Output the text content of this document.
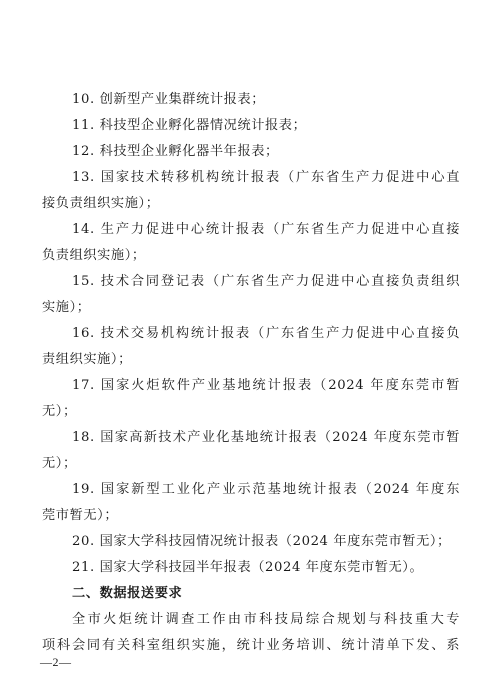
10. 创新型产业集群统计报表；
11. 科技型企业孵化器情况统计报表；
12. 科技型企业孵化器半年报表；
13. 国家技术转移机构统计报表（广东省生产力促进中心直
接负责组织实施）；
14. 生产力促进中心统计报表（广东省生产力促进中心直接
负责组织实施）；
15. 技术合同登记表（广东省生产力促进中心直接负责组织
实施）；
16. 技术交易机构统计报表（广东省生产力促进中心直接负
责组织实施）；
17. 国家火炬软件产业基地统计报表（2024 年度东莞市暂
无）；
18. 国家高新技术产业化基地统计报表（2024 年度东莞市暂
无）；
19. 国家新型工业化产业示范基地统计报表（2024 年度东
莞市暂无）；
20. 国家大学科技园情况统计报表（2024 年度东莞市暂无）；
21. 国家大学科技园半年报表（2024 年度东莞市暂无）。
二、数据报送要求
全市火炬统计调查工作由市科技局综合规划与科技重大专
项科会同有关科室组织实施，统计业务培训、统计清单下发、系
—2—
